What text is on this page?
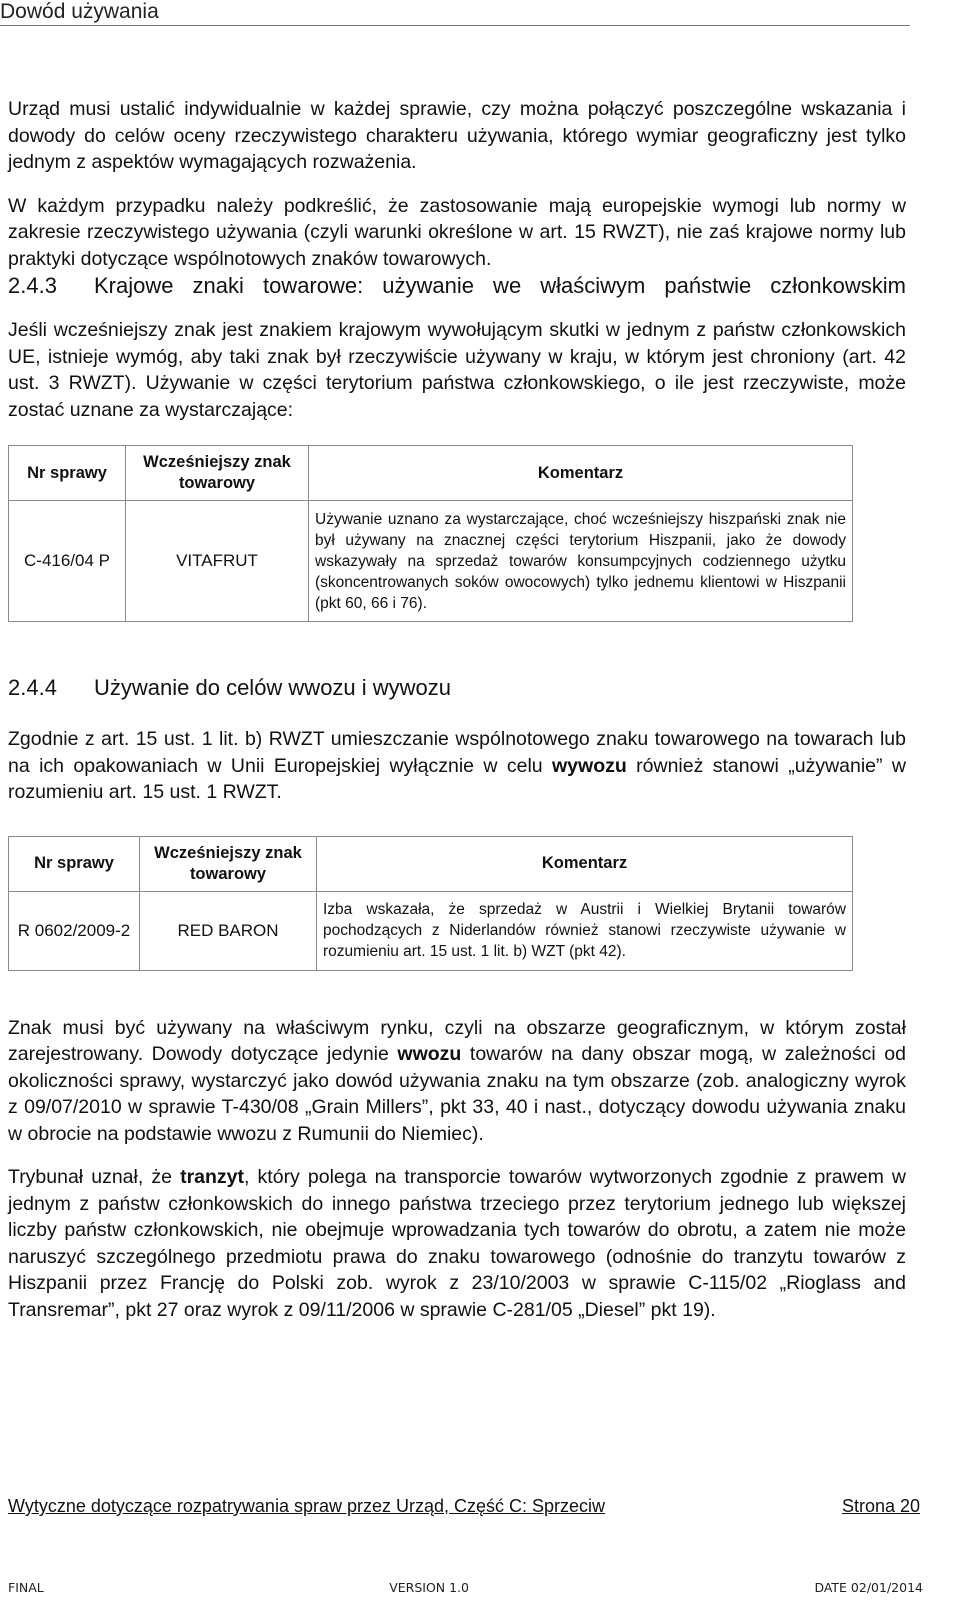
Dowód używania

Urząd musi ustalić indywidualnie w każdej sprawie, czy można połączyć poszczególne wskazania i dowody do celów oceny rzeczywistego charakteru używania, którego wymiar geograficzny jest tylko jednym z aspektów wymagających rozważenia.

W każdym przypadku należy podkreślić, że zastosowanie mają europejskie wymogi lub normy w zakresie rzeczywistego używania (czyli warunki określone w art. 15 RWZT), nie zaś krajowe normy lub praktyki dotyczące wspólnotowych znaków towarowych.

2.4.3	Krajowe znaki towarowe: używanie we właściwym państwie członkowskim

Jeśli wcześniejszy znak jest znakiem krajowym wywołującym skutki w jednym z państw członkowskich UE, istnieje wymóg, aby taki znak był rzeczywiście używany w kraju, w którym jest chroniony (art. 42 ust. 3 RWZT). Używanie w części terytorium państwa członkowskiego, o ile jest rzeczywiste, może zostać uznane za wystarczające:

Nr sprawy	Wcześniejszy znak towarowy	Komentarz
C-416/04 P	VITAFRUT	Używanie uznano za wystarczające, choć wcześniejszy hiszpański znak nie był używany na znacznej części terytorium Hiszpanii, jako że dowody wskazywały na sprzedaż towarów konsumpcyjnych codziennego użytku (skoncentrowanych soków owocowych) tylko jednemu klientowi w Hiszpanii (pkt 60, 66 i 76).
2.4.4	Używanie do celów wwozu i wywozu

Zgodnie z art. 15 ust. 1 lit. b) RWZT umieszczanie wspólnotowego znaku towarowego na towarach lub na ich opakowaniach w Unii Europejskiej wyłącznie w celu wywozu również stanowi „używanie” w rozumieniu art. 15 ust. 1 RWZT.

Nr sprawy	Wcześniejszy znak towarowy	Komentarz
R 0602/2009-2	RED BARON	Izba wskazała, że sprzedaż w Austrii i Wielkiej Brytanii towarów pochodzących z Niderlandów również stanowi rzeczywiste używanie w rozumieniu art. 15 ust. 1 lit. b) WZT (pkt 42).

Znak musi być używany na właściwym rynku, czyli na obszarze geograficznym, w którym został zarejestrowany. Dowody dotyczące jedynie wwozu towarów na dany obszar mogą, w zależności od okoliczności sprawy, wystarczyć jako dowód używania znaku na tym obszarze (zob. analogiczny wyrok z 09/07/2010 w sprawie T-430/08 „Grain Millers”, pkt 33, 40 i nast., dotyczący dowodu używania znaku w obrocie na podstawie wwozu z Rumunii do Niemiec).

Trybunał uznał, że tranzyt, który polega na transporcie towarów wytworzonych zgodnie z prawem w jednym z państw członkowskich do innego państwa trzeciego przez terytorium jednego lub większej liczby państw członkowskich, nie obejmuje wprowadzania tych towarów do obrotu, a zatem nie może naruszyć szczególnego przedmiotu prawa do znaku towarowego (odnośnie do tranzytu towarów z Hiszpanii przez Francję do Polski zob. wyrok z 23/10/2003 w sprawie C-115/02 „Rioglass and Transremar”, pkt 27 oraz wyrok z 09/11/2006 w sprawie C-281/05 „Diesel” pkt 19).

Wytyczne dotyczące rozpatrywania spraw przez Urząd, Część C: Sprzeciw	Strona 20
FINAL	VERSION 1.0	DATE 02/01/2014
